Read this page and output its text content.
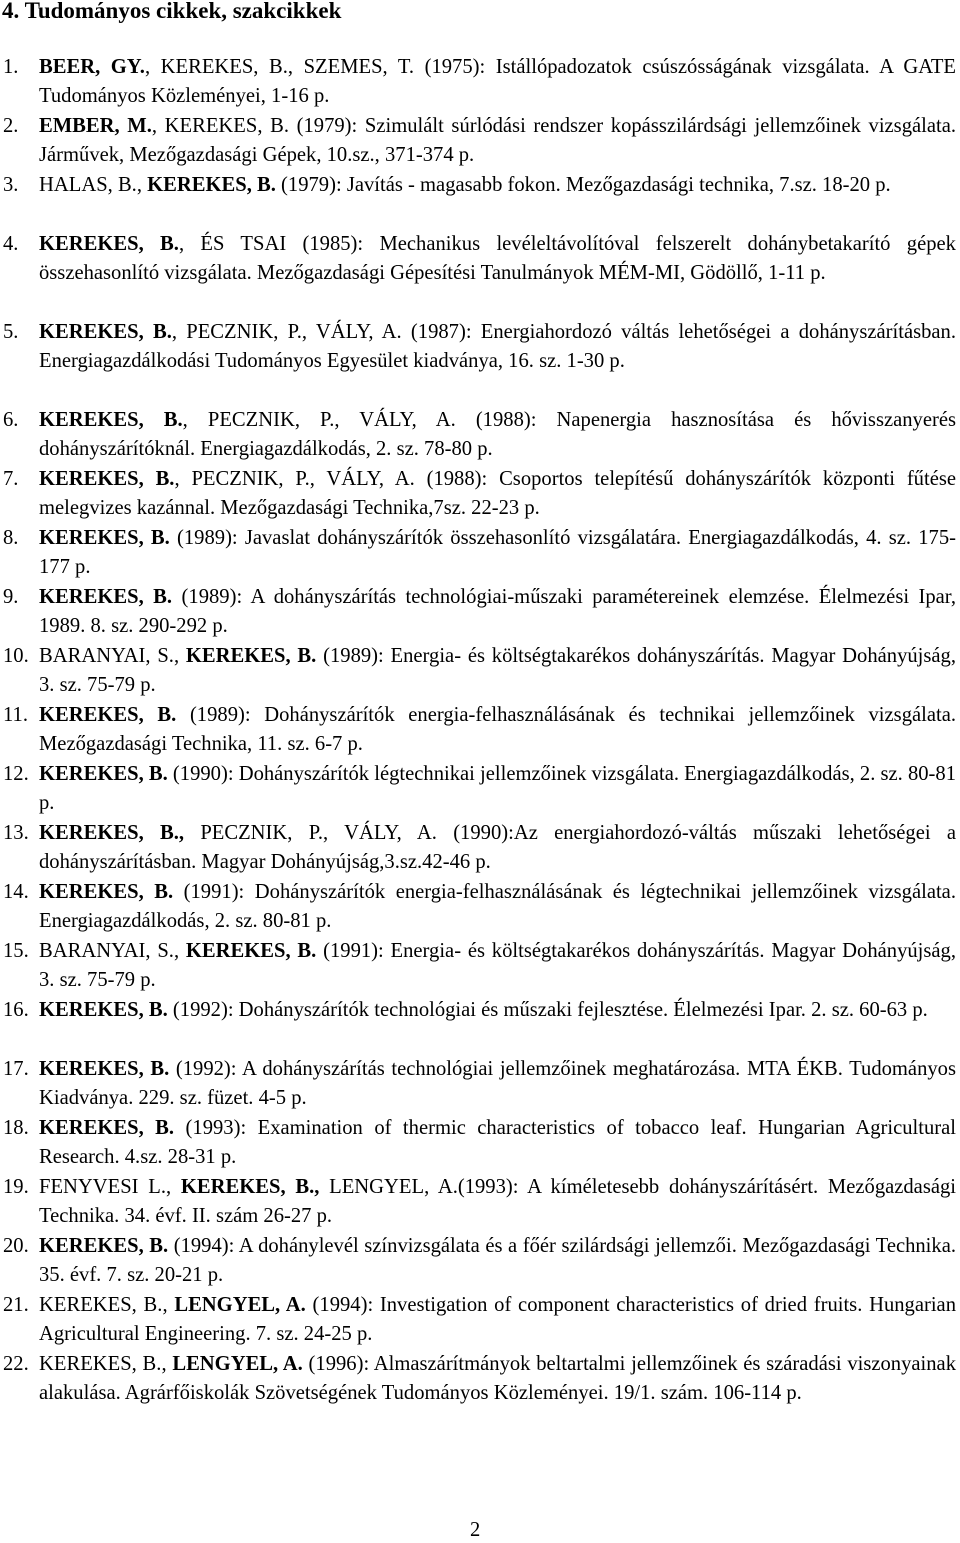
4. Tudományos cikkek, szakcikkek
1. BEER, GY., KEREKES, B., SZEMES, T. (1975): Istállópadozatok csúszósságának vizsgálata. A GATE Tudományos Közleményei, 1-16 p.
2. EMBER, M., KEREKES, B. (1979): Szimulált súrlódási rendszer kopásszilárdsági jellemzőinek vizsgálata. Járművek, Mezőgazdasági Gépek, 10.sz., 371-374 p.
3. HALAS, B., KEREKES, B. (1979): Javítás - magasabb fokon. Mezőgazdasági technika, 7.sz. 18-20 p.
4. KEREKES, B., ÉS TSAI (1985): Mechanikus levéleltávolítóval felszerelt dohánybetakarító gépek összehasonlító vizsgálata. Mezőgazdasági Gépesítési Tanulmányok MÉM-MI, Gödöllő, 1-11 p.
5. KEREKES, B., PECZNIK, P., VÁLY, A. (1987): Energiahordozó váltás lehetőségei a dohányszárításban. Energiagazdálkodási Tudományos Egyesület kiadványa, 16. sz. 1-30 p.
6. KEREKES, B., PECZNIK, P., VÁLY, A. (1988): Napenergia hasznosítása és hővisszanyerés dohányszárítóknál. Energiagazdálkodás, 2. sz. 78-80 p.
7. KEREKES, B., PECZNIK, P., VÁLY, A. (1988): Csoportos telepítésű dohányszárítók központi fűtése melegvizes kazánnal. Mezőgazdasági Technika,7sz. 22-23 p.
8. KEREKES, B. (1989): Javaslat dohányszárítók összehasonlító vizsgálatára. Energiagazdálkodás, 4. sz. 175-177 p.
9. KEREKES, B. (1989): A dohányszárítás technológiai-műszaki paramétereinek elemzése. Élelmezési Ipar, 1989. 8. sz. 290-292 p.
10. BARANYAI, S., KEREKES, B. (1989): Energia- és költségtakarékos dohányszárítás. Magyar Dohányújság, 3. sz. 75-79 p.
11. KEREKES, B. (1989): Dohányszárítók energia-felhasználásának és technikai jellemzőinek vizsgálata. Mezőgazdasági Technika, 11. sz. 6-7 p.
12. KEREKES, B. (1990): Dohányszárítók légtechnikai jellemzőinek vizsgálata. Energiagazdálkodás, 2. sz. 80-81 p.
13. KEREKES, B., PECZNIK, P., VÁLY, A. (1990):Az energiahordozó-váltás műszaki lehetőségei a dohányszárításban. Magyar Dohányújság,3.sz.42-46 p.
14. KEREKES, B. (1991): Dohányszárítók energia-felhasználásának és légtechnikai jellemzőinek vizsgálata. Energiagazdálkodás, 2. sz. 80-81 p.
15. BARANYAI, S., KEREKES, B. (1991): Energia- és költségtakarékos dohányszárítás. Magyar Dohányújság, 3. sz. 75-79 p.
16. KEREKES, B. (1992): Dohányszárítók technológiai és műszaki fejlesztése. Élelmezési Ipar. 2. sz. 60-63 p.
17. KEREKES, B. (1992): A dohányszárítás technológiai jellemzőinek meghatározása. MTA ÉKB. Tudományos Kiadványa. 229. sz. füzet. 4-5 p.
18. KEREKES, B. (1993): Examination of thermic characteristics of tobacco leaf. Hungarian Agricultural Research. 4.sz. 28-31 p.
19. FENYVESI L., KEREKES, B., LENGYEL, A.(1993): A kíméletesebb dohányszárításért. Mezőgazdasági Technika. 34. évf. II. szám 26-27 p.
20. KEREKES, B. (1994): A dohánylevél színvizsgálata és a főér szilárdsági jellemzői. Mezőgazdasági Technika. 35. évf. 7. sz. 20-21 p.
21. KEREKES, B., LENGYEL, A. (1994): Investigation of component characteristics of dried fruits. Hungarian Agricultural Engineering. 7. sz. 24-25 p.
22. KEREKES, B., LENGYEL, A. (1996): Almaszárítmányok beltartalmi jellemzőinek és száradási viszonyainak alakulása. Agrárfőiskolák Szövetségének Tudományos Közleményei. 19/1. szám. 106-114 p.
2
